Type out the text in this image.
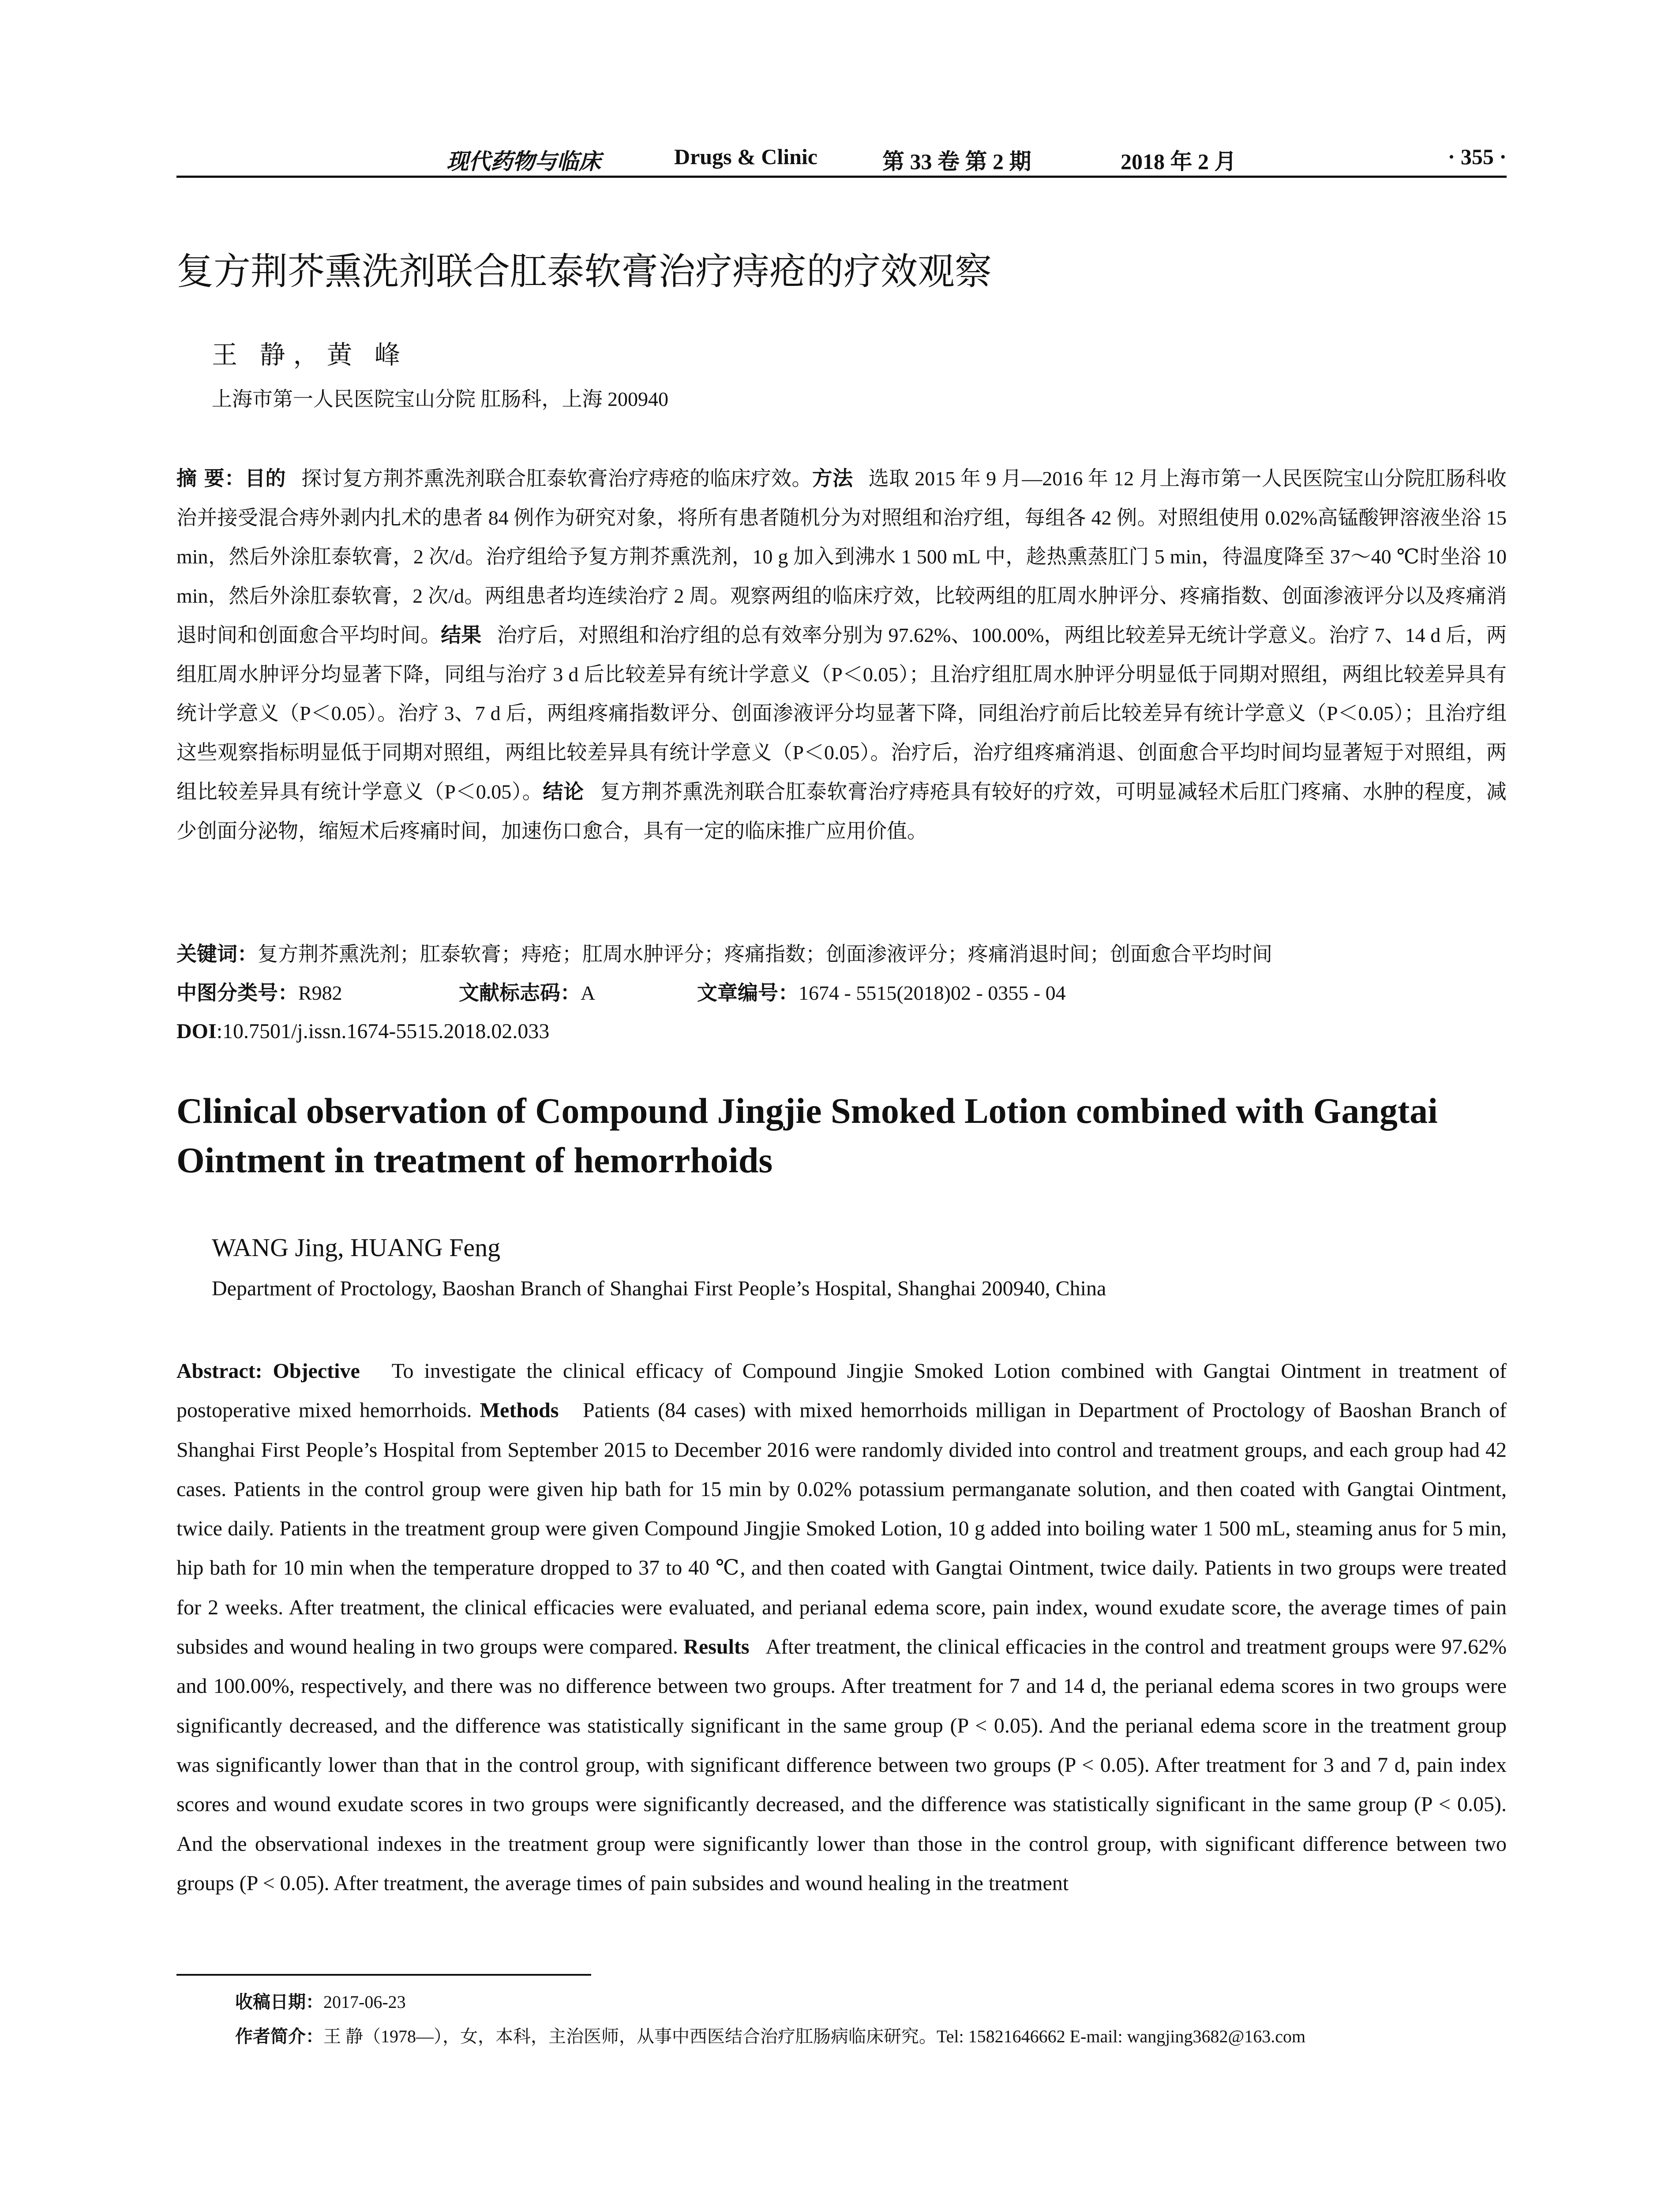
现代药物与临床	Drugs & Clinic	第 33 卷 第 2 期	2018 年 2 月	· 355 ·
复方荆芥熏洗剂联合肛泰软膏治疗痔疮的疗效观察
王 静，黄 峰
上海市第一人民医院宝山分院 肛肠科，上海 200940
摘 要：目的 探讨复方荆芥熏洗剂联合肛泰软膏治疗痔疮的临床疗效。方法 选取 2015 年 9 月—2016 年 12 月上海市第一人民医院宝山分院肛肠科收治并接受混合痔外剥内扎术的患者 84 例作为研究对象，将所有患者随机分为对照组和治疗组，每组各 42 例。对照组使用 0.02%高锰酸钾溶液坐浴 15 min，然后外涂肛泰软膏，2 次/d。治疗组给予复方荆芥熏洗剂，10 g 加入到沸水 1 500 mL 中，趁热熏蒸肛门 5 min，待温度降至 37～40 ℃时坐浴 10 min，然后外涂肛泰软膏，2 次/d。两组患者均连续治疗 2 周。观察两组的临床疗效，比较两组的肛周水肿评分、疼痛指数、创面渗液评分以及疼痛消退时间和创面愈合平均时间。结果 治疗后，对照组和治疗组的总有效率分别为 97.62%、100.00%，两组比较差异无统计学意义。治疗 7、14 d 后，两组肛周水肿评分均显著下降，同组与治疗 3 d 后比较差异有统计学意义（P＜0.05）；且治疗组肛周水肿评分明显低于同期对照组，两组比较差异具有统计学意义（P＜0.05）。治疗 3、7 d 后，两组疼痛指数评分、创面渗液评分均显著下降，同组治疗前后比较差异有统计学意义（P＜0.05）；且治疗组这些观察指标明显低于同期对照组，两组比较差异具有统计学意义（P＜0.05）。治疗后，治疗组疼痛消退、创面愈合平均时间均显著短于对照组，两组比较差异具有统计学意义（P＜0.05）。结论 复方荆芥熏洗剂联合肛泰软膏治疗痔疮具有较好的疗效，可明显减轻术后肛门疼痛、水肿的程度，减少创面分泌物，缩短术后疼痛时间，加速伤口愈合，具有一定的临床推广应用价值。
关键词：复方荆芥熏洗剂；肛泰软膏；痔疮；肛周水肿评分；疼痛指数；创面渗液评分；疼痛消退时间；创面愈合平均时间
中图分类号：R982	文献标志码：A	文章编号：1674 - 5515(2018)02 - 0355 - 04
DOI:10.7501/j.issn.1674-5515.2018.02.033
Clinical observation of Compound Jingjie Smoked Lotion combined with Gangtai Ointment in treatment of hemorrhoids
WANG Jing, HUANG Feng
Department of Proctology, Baoshan Branch of Shanghai First People’s Hospital, Shanghai 200940, China
Abstract: Objective To investigate the clinical efficacy of Compound Jingjie Smoked Lotion combined with Gangtai Ointment in treatment of postoperative mixed hemorrhoids. Methods Patients (84 cases) with mixed hemorrhoids milligan in Department of Proctology of Baoshan Branch of Shanghai First People’s Hospital from September 2015 to December 2016 were randomly divided into control and treatment groups, and each group had 42 cases. Patients in the control group were given hip bath for 15 min by 0.02% potassium permanganate solution, and then coated with Gangtai Ointment, twice daily. Patients in the treatment group were given Compound Jingjie Smoked Lotion, 10 g added into boiling water 1 500 mL, steaming anus for 5 min, hip bath for 10 min when the temperature dropped to 37 to 40 ℃, and then coated with Gangtai Ointment, twice daily. Patients in two groups were treated for 2 weeks. After treatment, the clinical efficacies were evaluated, and perianal edema score, pain index, wound exudate score, the average times of pain subsides and wound healing in two groups were compared. Results After treatment, the clinical efficacies in the control and treatment groups were 97.62% and 100.00%, respectively, and there was no difference between two groups. After treatment for 7 and 14 d, the perianal edema scores in two groups were significantly decreased, and the difference was statistically significant in the same group (P < 0.05). And the perianal edema score in the treatment group was significantly lower than that in the control group, with significant difference between two groups (P < 0.05). After treatment for 3 and 7 d, pain index scores and wound exudate scores in two groups were significantly decreased, and the difference was statistically significant in the same group (P < 0.05). And the observational indexes in the treatment group were significantly lower than those in the control group, with significant difference between two groups (P < 0.05). After treatment, the average times of pain subsides and wound healing in the treatment
收稿日期：2017-06-23
作者简介：王 静（1978—），女，本科，主治医师，从事中西医结合治疗肛肠病临床研究。Tel: 15821646662 E-mail: wangjing3682@163.com
